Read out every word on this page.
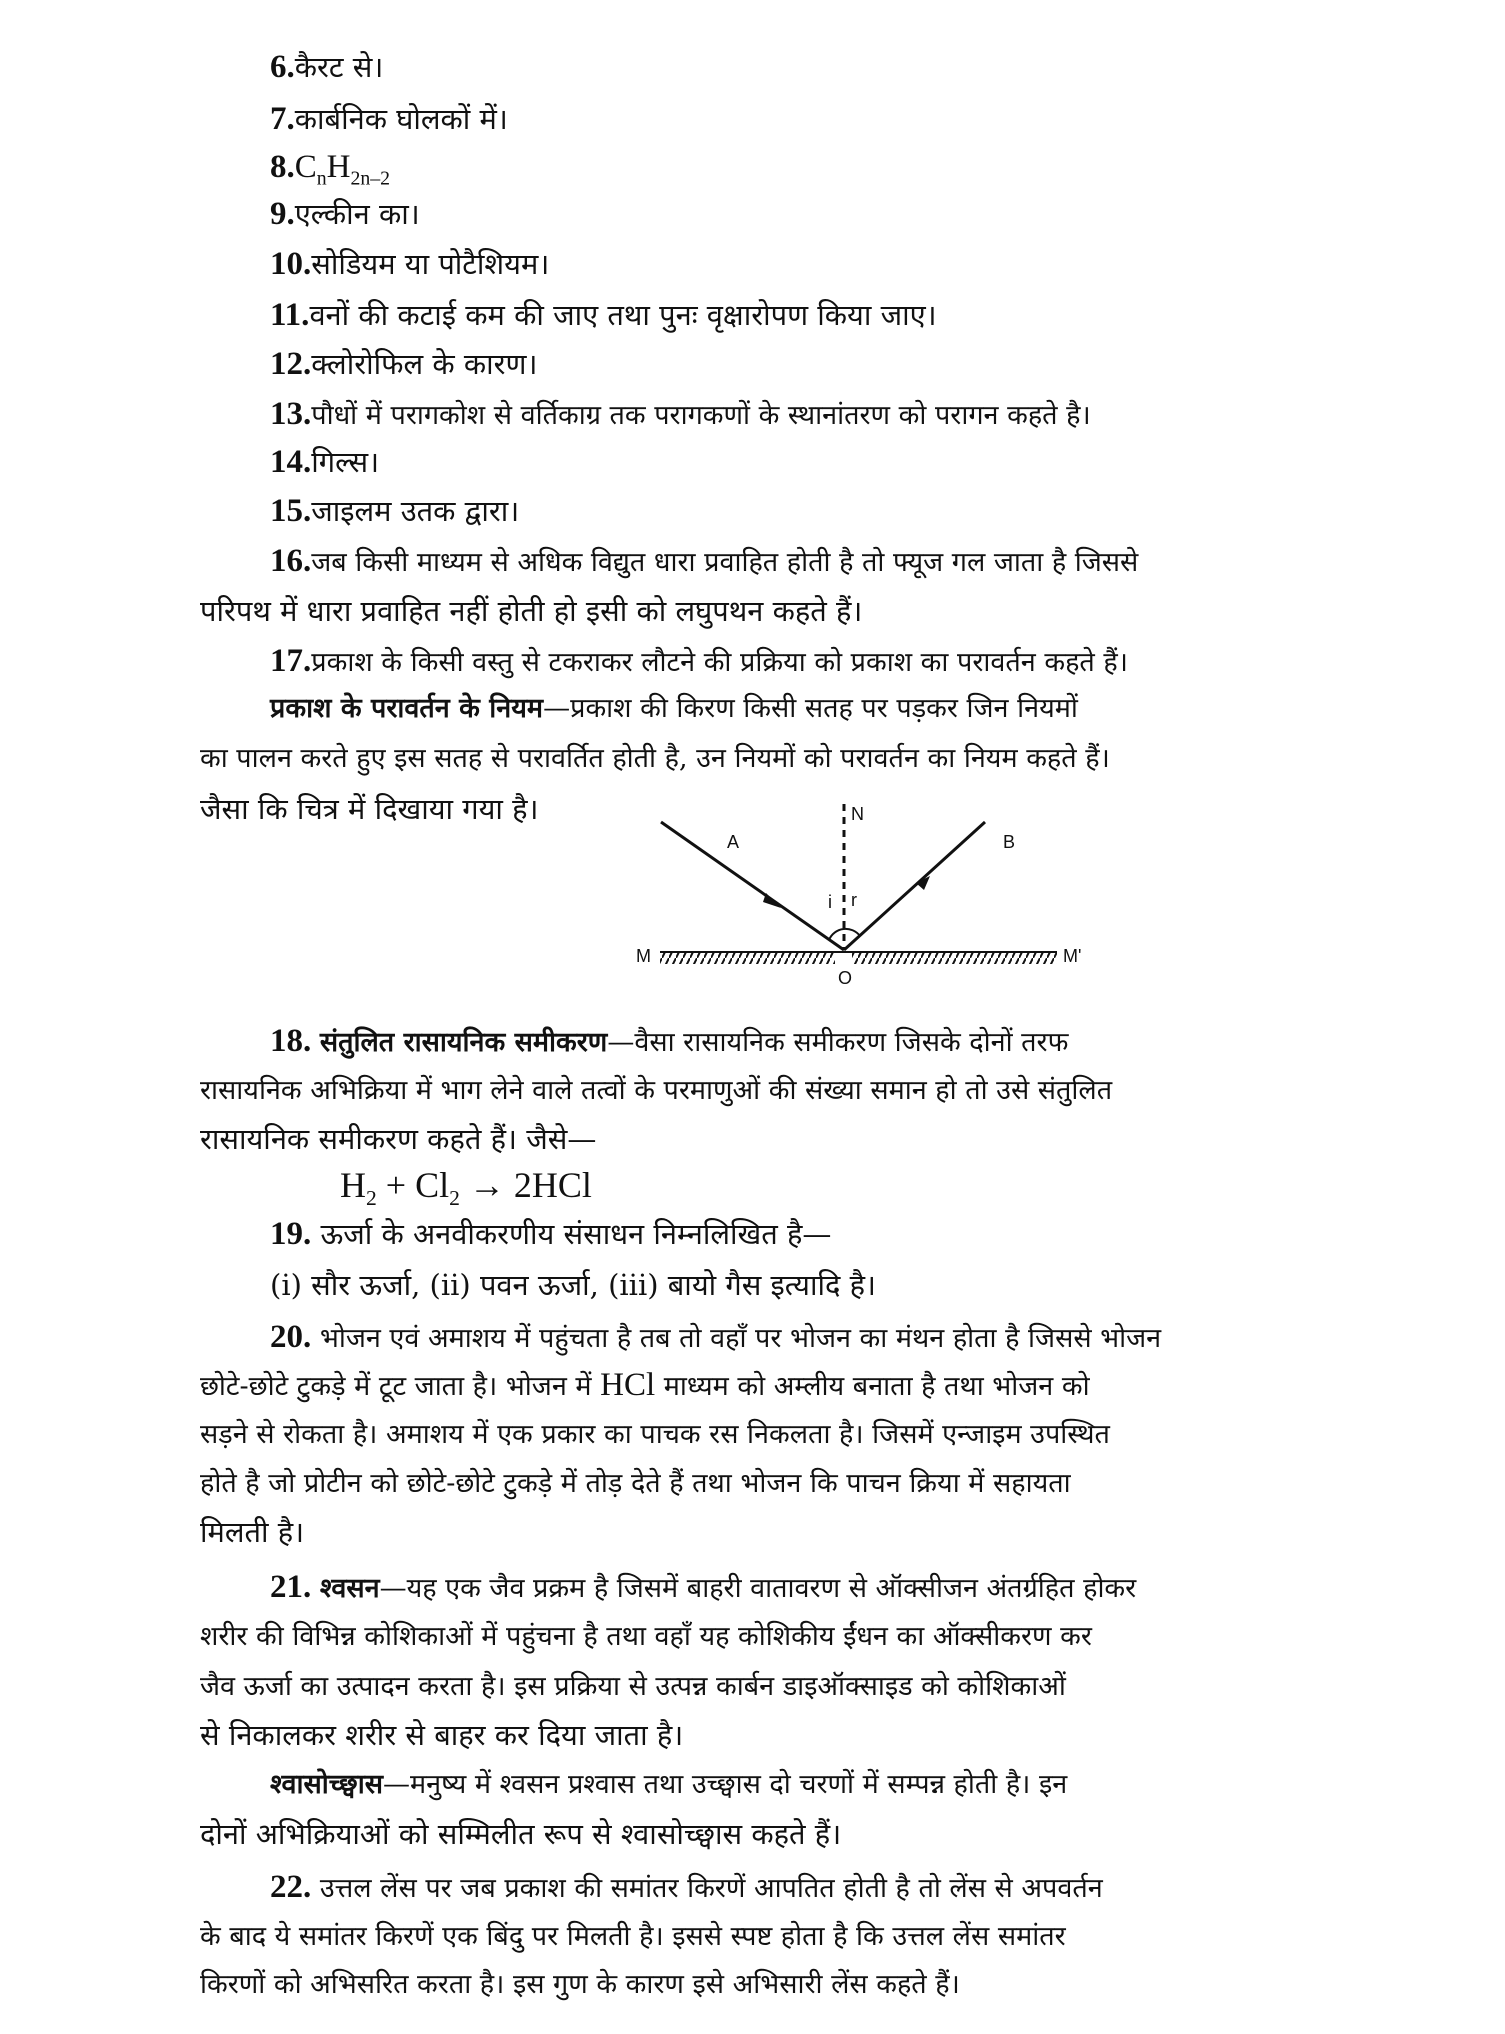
6.कैरट से।
7.कार्बनिक घोलकों में।
$8.C_nH_{2n-2}$
9.एल्कीन का।
10.सोडियम या पोटैशियम।
11.वनों की कटाई कम की जाए तथा पुनः वृक्षारोपण किया जाए।
12.क्लोरोफिल के कारण।
13.पौधों में परागकोश से वर्तिकाग्र तक परागकणों के स्थानांतरण को परागन कहते है।
14.गिल्स।
15.जाइलम उतक द्वारा।
16.जब किसी माध्यम से अधिक विद्युत धारा प्रवाहित होती है तो फ्यूज गल जाता है जिससे
परिपथ में धारा प्रवाहित नहीं होती हो इसी को लघुपथन कहते हैं।
17.प्रकाश के किसी वस्तु से टकराकर लौटने की प्रक्रिया को प्रकाश का परावर्तन कहते हैं।
प्रकाश के परावर्तन के नियम—प्रकाश की किरण किसी सतह पर पड़कर जिन नियमों
का पालन करते हुए इस सतह से परावर्तित होती है, उन नियमों को परावर्तन का नियम कहते हैं।
जैसा कि चित्र में दिखाया गया है।
A	B
N
i r
M	M'
O
18. संतुलित रासायनिक समीकरण—वैसा रासायनिक समीकरण जिसके दोनों तरफ
रासायनिक अभिक्रिया में भाग लेने वाले तत्वों के परमाणुओं की संख्या समान हो तो उसे संतुलित
रासायनिक समीकरण कहते हैं। जैसे—
$H_2 + Cl_2 \to 2HCl$
19. ऊर्जा के अनवीकरणीय संसाधन निम्नलिखित है—
(i) सौर ऊर्जा, (ii) पवन ऊर्जा, (iii) बायो गैस इत्यादि है।
20. भोजन एवं अमाशय में पहुंचता है तब तो वहाँ पर भोजन का मंथन होता है जिससे भोजन
छोटे-छोटे टुकड़े में टूट जाता है। भोजन में HCl माध्यम को अम्लीय बनाता है तथा भोजन को
सड़ने से रोकता है। अमाशय में एक प्रकार का पाचक रस निकलता है। जिसमें एन्जाइम उपस्थित
होते है जो प्रोटीन को छोटे-छोटे टुकड़े में तोड़ देते हैं तथा भोजन कि पाचन क्रिया में सहायता
मिलती है।
21. श्वसन—यह एक जैव प्रक्रम है जिसमें बाहरी वातावरण से ऑक्सीजन अंतर्ग्रहित होकर
शरीर की विभिन्न कोशिकाओं में पहुंचना है तथा वहाँ यह कोशिकीय ईंधन का ऑक्सीकरण कर
जैव ऊर्जा का उत्पादन करता है। इस प्रक्रिया से उत्पन्न कार्बन डाइऑक्साइड को कोशिकाओं
से निकालकर शरीर से बाहर कर दिया जाता है।
श्वासोच्छ्वास—मनुष्य में श्वसन प्रश्वास तथा उच्छ्वास दो चरणों में सम्पन्न होती है। इन
दोनों अभिक्रियाओं को सम्मिलीत रूप से श्वासोच्छ्वास कहते हैं।
22. उत्तल लेंस पर जब प्रकाश की समांतर किरणें आपतित होती है तो लेंस से अपवर्तन
के बाद ये समांतर किरणें एक बिंदु पर मिलती है। इससे स्पष्ट होता है कि उत्तल लेंस समांतर
किरणों को अभिसरित करता है। इस गुण के कारण इसे अभिसारी लेंस कहते हैं।
